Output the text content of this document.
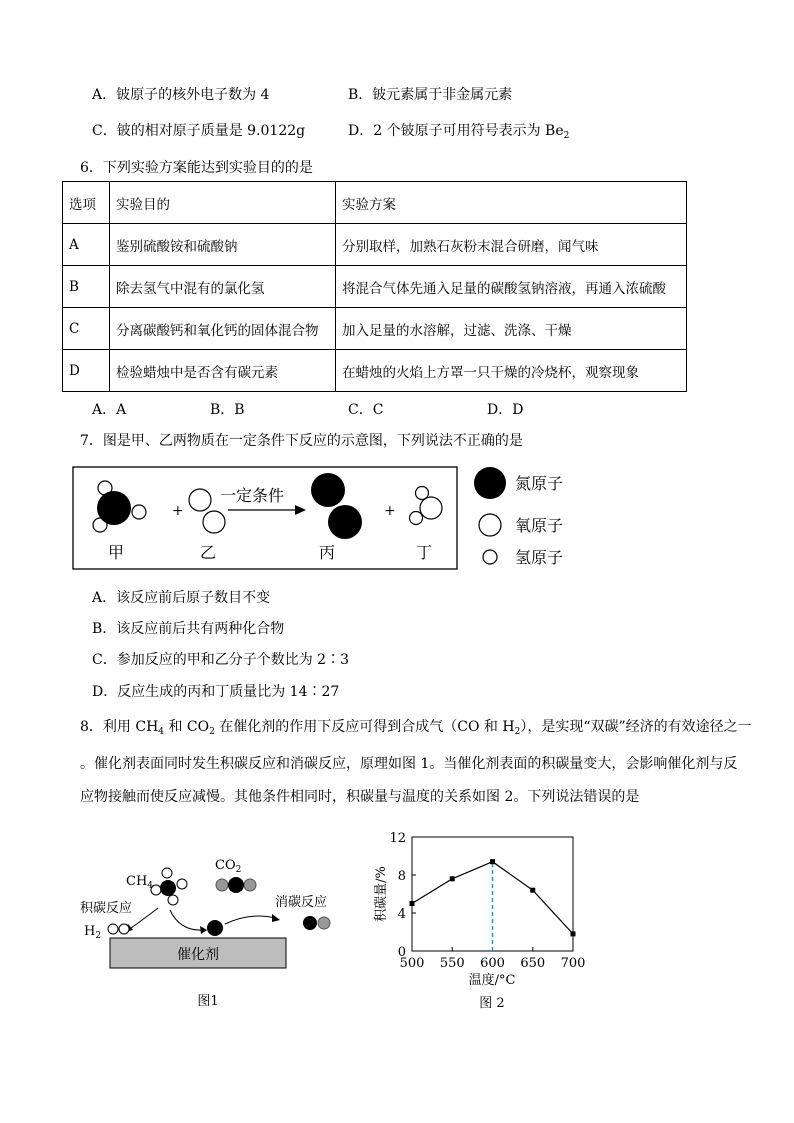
A．铍原子的核外电子数为 4	B．铍元素属于非金属元素
C．铍的相对原子质量是 9.0122g	D．2 个铍原子可用符号表示为 $Be_2$
6．下列实验方案能达到实验目的的是
选项	实验目的	实验方案
A	鉴别硫酸铵和硫酸钠	分别取样，加熟石灰粉末混合研磨，闻气味
B	除去氢气中混有的氯化氢	将混合气体先通入足量的碳酸氢钠溶液，再通入浓硫酸
C	分离碳酸钙和氧化钙的固体混合物	加入足量的水溶解，过滤、洗涤、干燥
D	检验蜡烛中是否含有碳元素	在蜡烛的火焰上方罩一只干燥的冷烧杯，观察现象
A．A	B．B	C．C	D．D
7．图是甲、乙两物质在一定条件下反应的示意图，下列说法不正确的是
+
一定条件
+
甲	乙	丙	丁
氮原子
氧原子
氢原子
A．该反应前后原子数目不变
B．该反应前后共有两种化合物
C．参加反应的甲和乙分子个数比为 2∶3
D．反应生成的丙和丁质量比为 14∶27
8．利用 $CH_4$ 和 $CO_2$ 在催化剂的作用下反应可得到合成气（CO 和 $H_2$），是实现“双碳”经济的有效途径之一
。催化剂表面同时发生积碳反应和消碳反应，原理如图 1。当催化剂表面的积碳量变大，会影响催化剂与反
应物接触而使反应减慢。其他条件相同时，积碳量与温度的关系如图 2。下列说法错误的是
催化剂
$CH_4$
$CO_2$
积碳反应
$H_2$
消碳反应
图1
500 550 600 650 700
0
4
8
12
温度/°C
积碳量/%
图 2
